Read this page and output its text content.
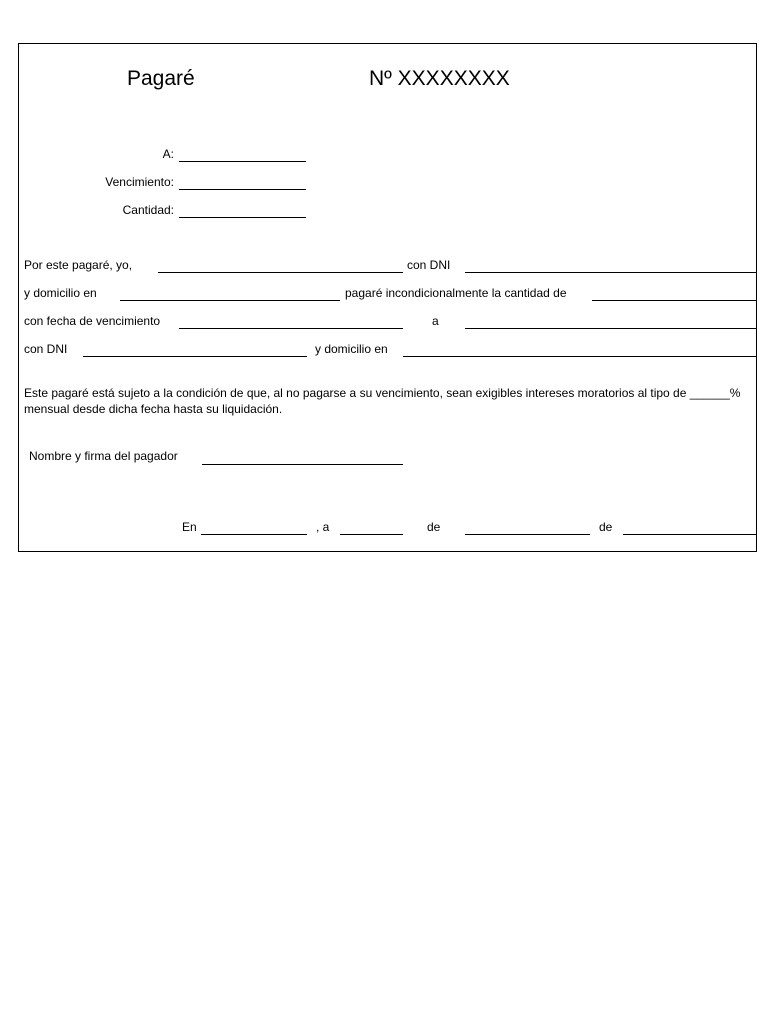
Pagaré	Nº XXXXXXXX
A:
Vencimiento:
Cantidad:
Por este pagaré, yo,	con DNI
y domicilio en	pagaré incondicionalmente la cantidad de
con fecha de vencimiento	a
con DNI	y domicilio en
Este pagaré está sujeto a la condición de que, al no pagarse a su vencimiento, sean exigibles intereses moratorios al tipo de ______% mensual desde dicha fecha hasta su liquidación.
Nombre y firma del pagador
En	, a	de	de
